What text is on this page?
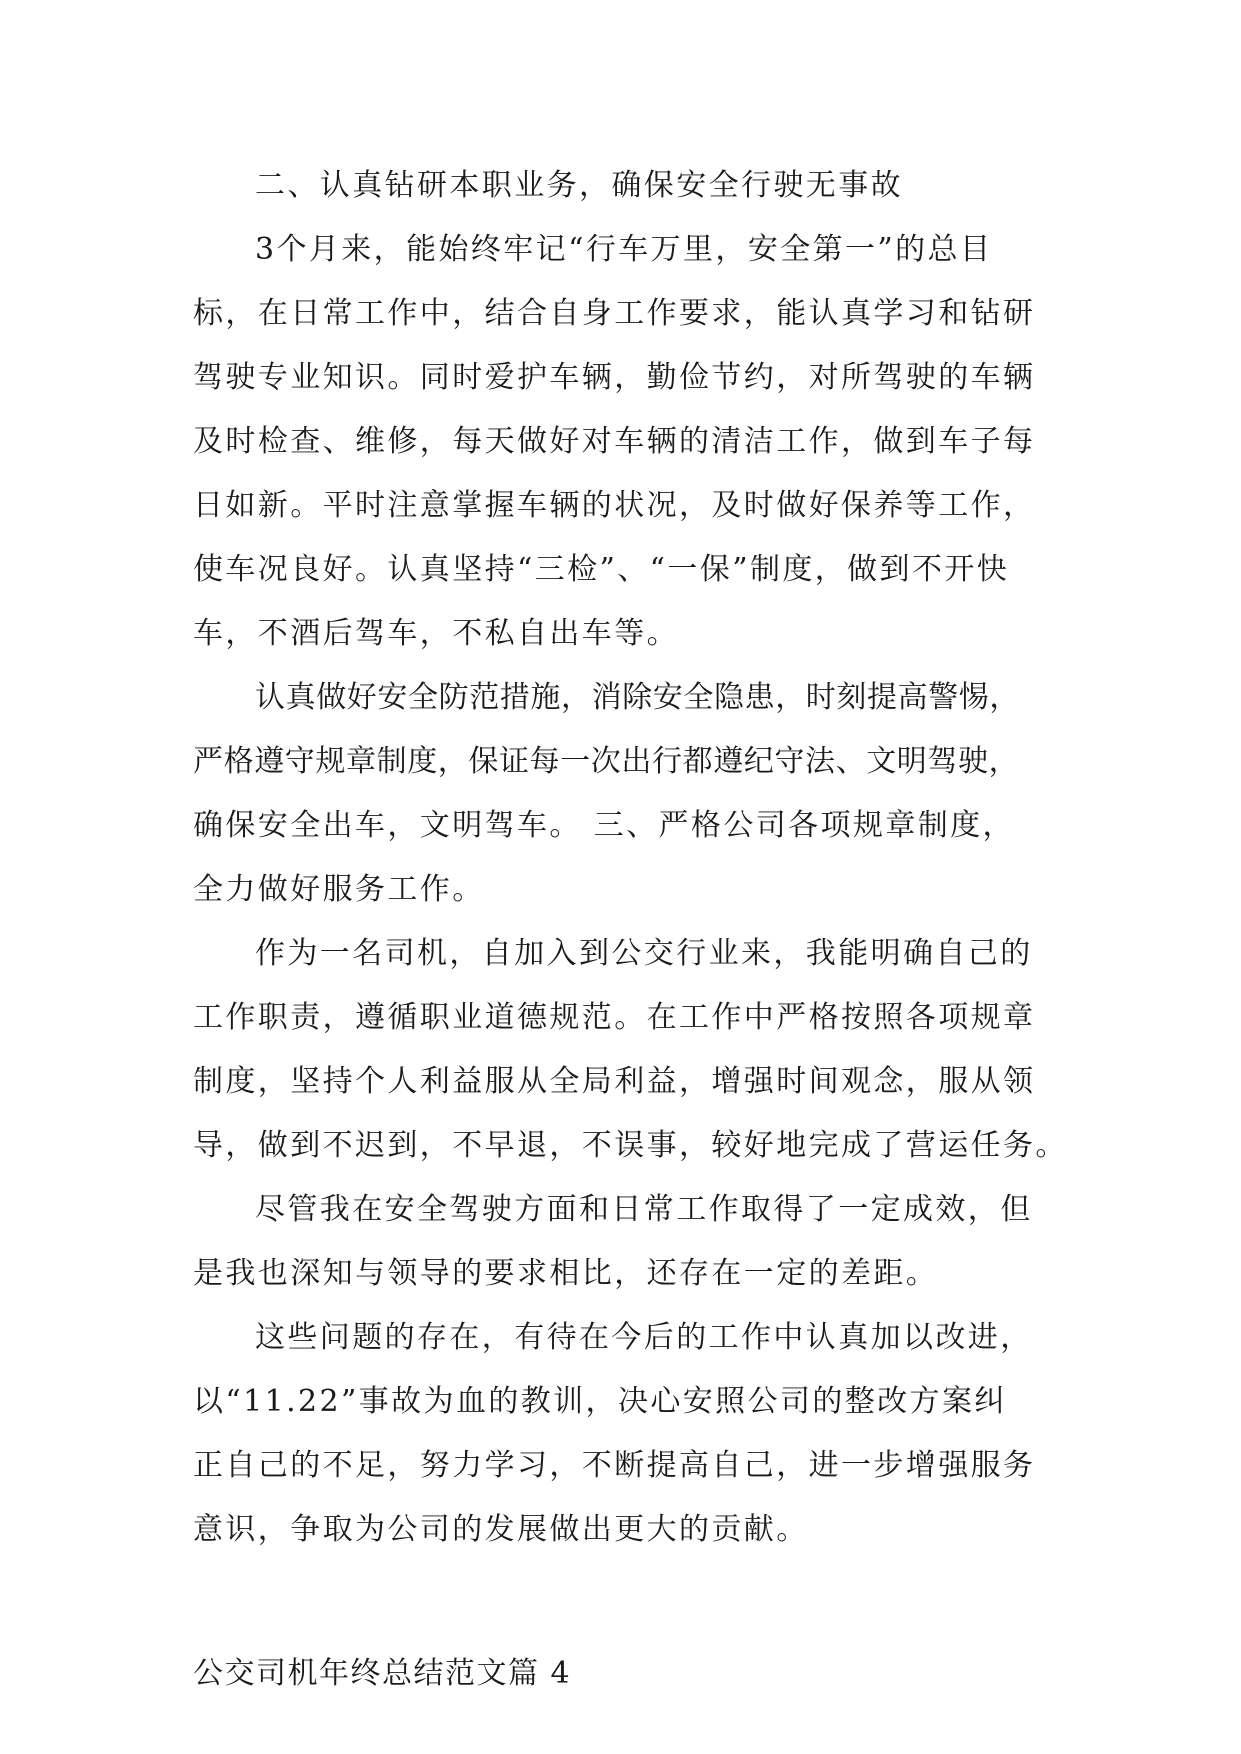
二、认真钻研本职业务，确保安全行驶无事故

3个月来，能始终牢记“行车万里，安全第一”的总目

标，在日常工作中，结合自身工作要求，能认真学习和钻研

驾驶专业知识。同时爱护车辆，勤俭节约，对所驾驶的车辆

及时检查、维修，每天做好对车辆的清洁工作，做到车子每

日如新。平时注意掌握车辆的状况，及时做好保养等工作，

使车况良好。认真坚持“三检”、“一保”制度，做到不开快

车，不酒后驾车，不私自出车等。

认真做好安全防范措施，消除安全隐患，时刻提高警惕，

严格遵守规章制度，保证每一次出行都遵纪守法、文明驾驶，

确保安全出车，文明驾车。 三、严格公司各项规章制度，

全力做好服务工作。

作为一名司机，自加入到公交行业来，我能明确自己的

工作职责，遵循职业道德规范。在工作中严格按照各项规章

制度，坚持个人利益服从全局利益，增强时间观念，服从领

导，做到不迟到，不早退，不误事，较好地完成了营运任务。

尽管我在安全驾驶方面和日常工作取得了一定成效，但

是我也深知与领导的要求相比，还存在一定的差距。

这些问题的存在，有待在今后的工作中认真加以改进，

以“11.22”事故为血的教训，决心安照公司的整改方案纠

正自己的不足，努力学习，不断提高自己，进一步增强服务

意识，争取为公司的发展做出更大的贡献。

公交司机年终总结范文篇 4
